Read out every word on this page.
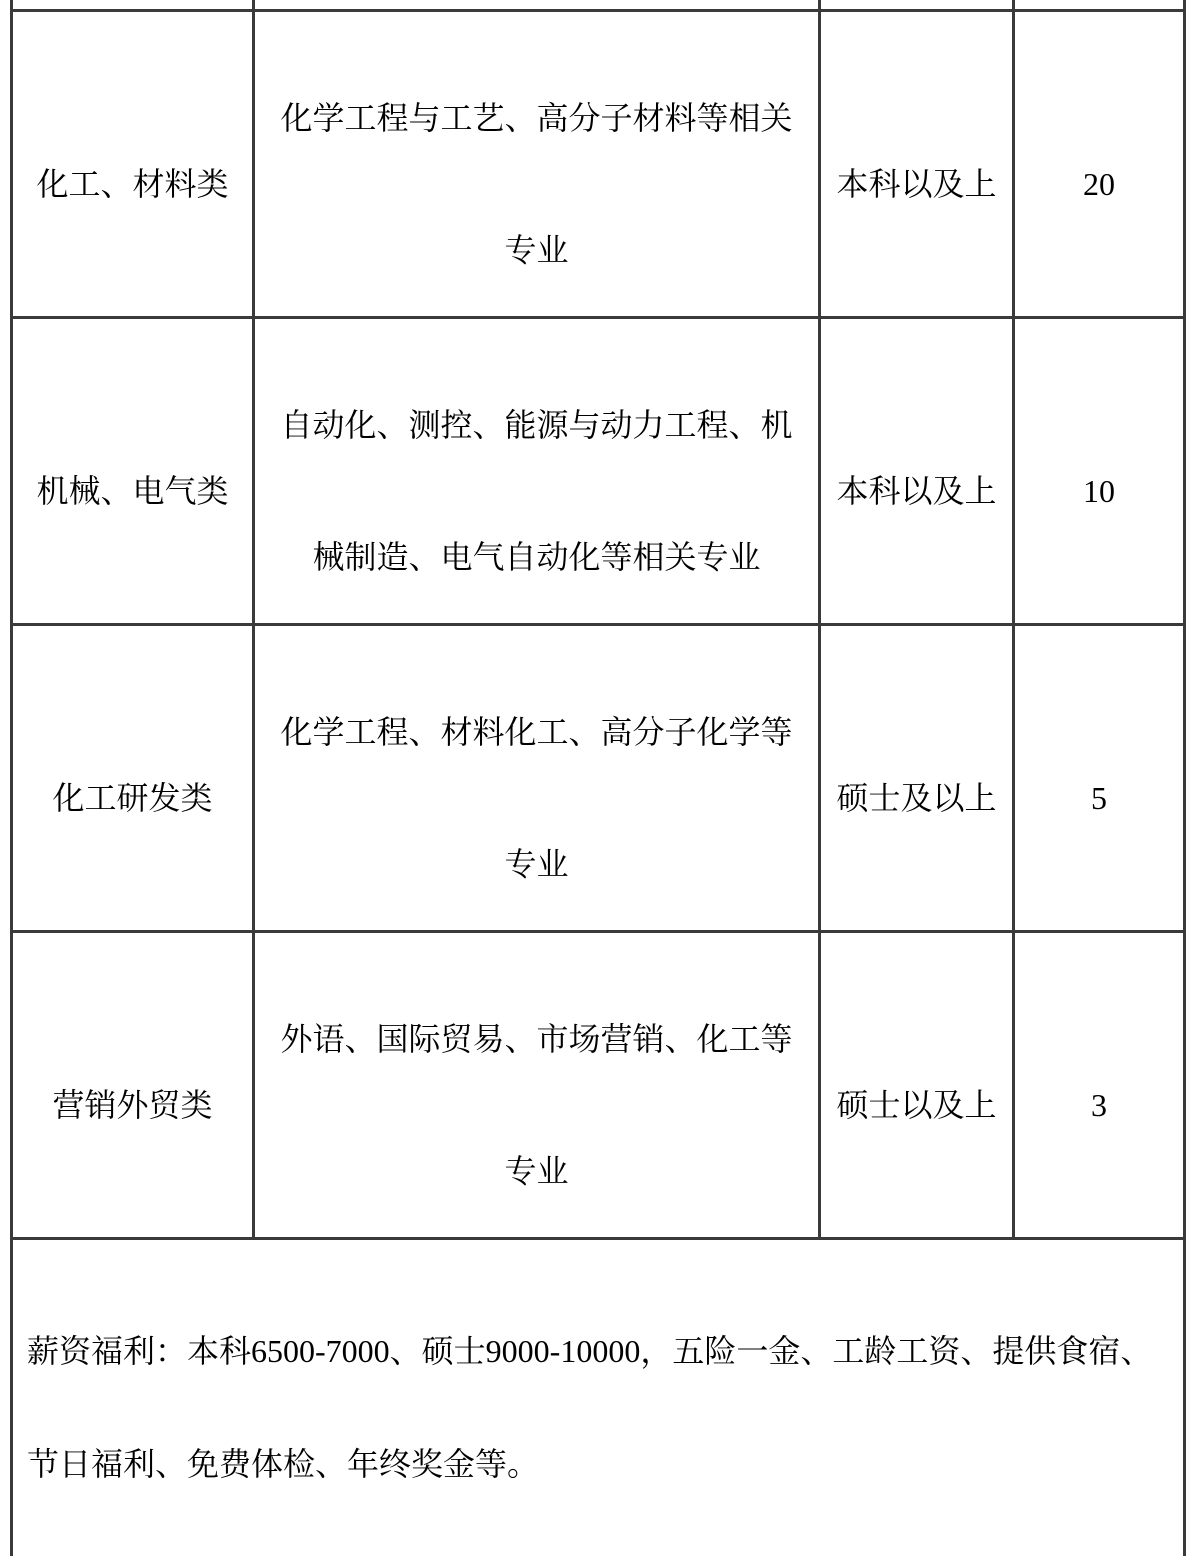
化工、材料类	化学工程与工艺、高分子材料等相关专业	本科以及上	20
机械、电气类	自动化、测控、能源与动力工程、机械制造、电气自动化等相关专业	本科以及上	10
化工研发类	化学工程、材料化工、高分子化学等专业	硕士及以上	5
营销外贸类	外语、国际贸易、市场营销、化工等专业	硕士以及上	3
薪资福利：本科6500-7000、硕士9000-10000，五险一金、工龄工资、提供食宿、节日福利、免费体检、年终奖金等。			
